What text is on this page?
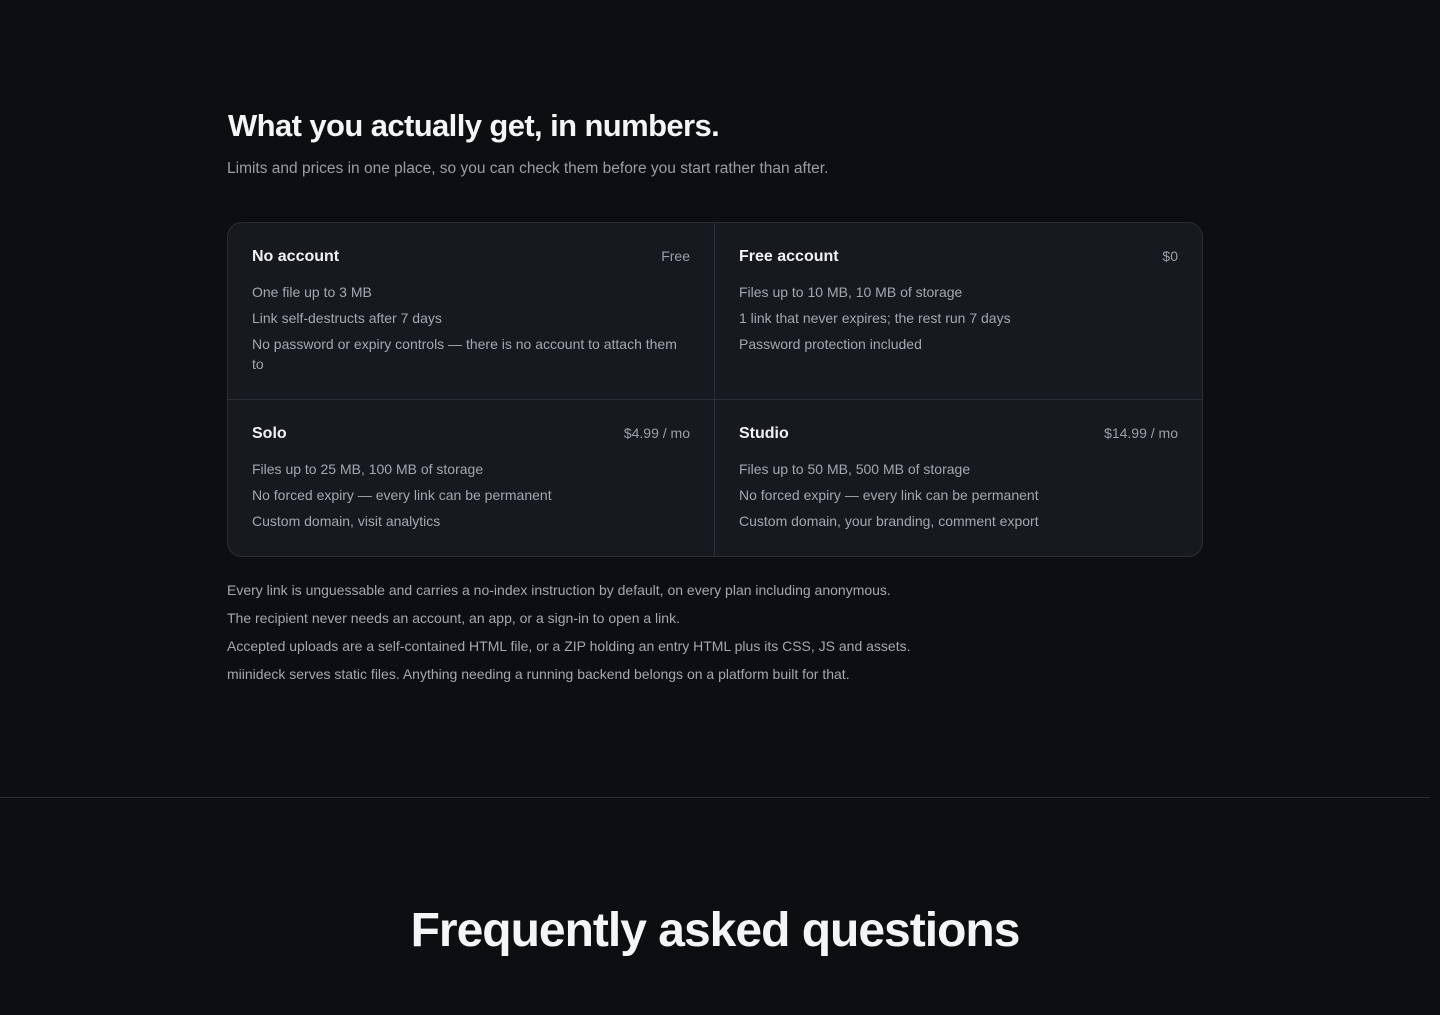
What you actually get, in numbers.

Limits and prices in one place, so you can check them before you start rather than after.

No account	Free
One file up to 3 MB
Link self-destructs after 7 days
No password or expiry controls — there is no account to attach them to
Free account	$0
Files up to 10 MB, 10 MB of storage
1 link that never expires; the rest run 7 days
Password protection included
Solo	$4.99 / mo
Files up to 25 MB, 100 MB of storage
No forced expiry — every link can be permanent
Custom domain, visit analytics
Studio	$14.99 / mo
Files up to 50 MB, 500 MB of storage
No forced expiry — every link can be permanent
Custom domain, your branding, comment export
Every link is unguessable and carries a no-index instruction by default, on every plan including anonymous.
The recipient never needs an account, an app, or a sign-in to open a link.
Accepted uploads are a self-contained HTML file, or a ZIP holding an entry HTML plus its CSS, JS and assets.
miinideck serves static files. Anything needing a running backend belongs on a platform built for that.
Frequently asked questions
